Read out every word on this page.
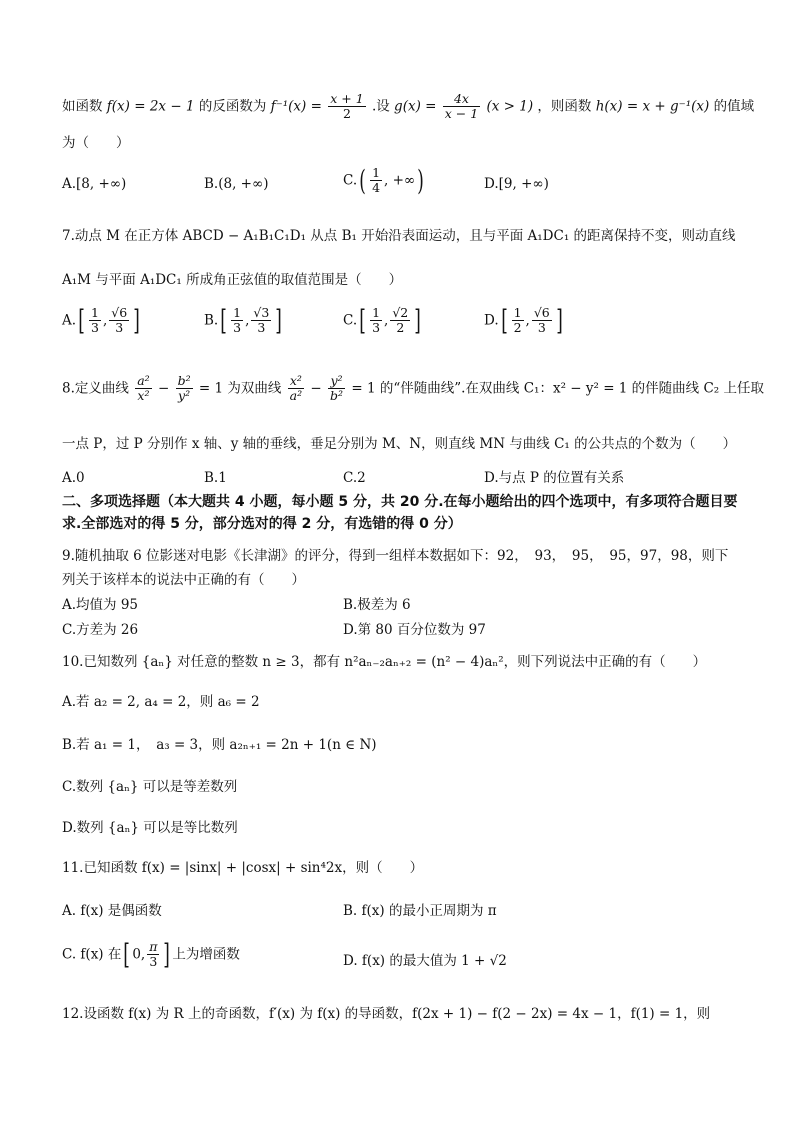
如函数 f(x) = 2x − 1 的反函数为 $f^{-1}(x) = \frac{x + 1}{2}$ .设 $g(x) = \frac{4x}{x - 1} (x > 1)$ ，则函数 h(x) = x + g⁻¹(x) 的值域
为（　　）
A.[8, +∞)	B.(8, +∞)	$C.( \frac{1}{4}$ , +∞)	D.[9, +∞)
7.动点 M 在正方体 ABCD − A₁B₁C₁D₁ 从点 B₁ 开始沿表面运动，且与平面 A₁DC₁ 的距离保持不变，则动直线
A₁M 与平面 A₁DC₁ 所成角正弦值的取值范围是（　　）
$A.[ \frac{1}{3}$ , $\frac{√6}{3}$ ]	$B.[ \frac{1}{3}$ , $\frac{√3}{3}$ ]	$C.[ \frac{1}{3}$ , $\frac{√2}{2}$ ]	$D.[ \frac{1}{2}$ , $\frac{√6}{3}$ ]
8.定义曲线 $\frac{\text{a²}}{\text{x²}} - \frac{\text{b²}}{\text{y²}} = 1$ 为双曲线 $\frac{\text{x²}}{\text{a²}} - \frac{\text{y²}}{\text{b²}} = 1$ 的“伴随曲线”.在双曲线 C₁：x² − y² = 1 的伴随曲线 C₂ 上任取
一点 P，过 P 分别作 x 轴、y 轴的垂线，垂足分别为 M、N，则直线 MN 与曲线 C₁ 的公共点的个数为（　　）
A.0	B.1	C.2	D.与点 P 的位置有关系
二、多项选择题（本大题共 4 小题，每小题 5 分，共 20 分.在每小题给出的四个选项中，有多项符合题目要求.全部选对的得 5 分，部分选对的得 2 分，有选错的得 0 分）
9.随机抽取 6 位影迷对电影《长津湖》的评分，得到一组样本数据如下：92，　93，　95，　95，97，98，则下
列关于该样本的说法中正确的有（　　）
A.均值为 95	B.极差为 6
C.方差为 26	D.第 80 百分位数为 97
10.已知数列 {aₙ} 对任意的整数 n ≥ 3，都有 n²aₙ₋₂aₙ₊₂ = (n² − 4)aₙ²，则下列说法中正确的有（　　）
A.若 a₂ = 2, a₄ = 2，则 a₆ = 2
B.若 a₁ = 1，　a₃ = 3，则 a₂ₙ₊₁ = 2n + 1(n ∈ N)
C.数列 {aₙ} 可以是等差数列
D.数列 {aₙ} 可以是等比数列
11.已知函数 f(x) = |sinx| + |cosx| + sin⁴2x，则（　　）
A. f(x) 是偶函数	B. f(x) 的最小正周期为 π
C. f(x) 在[ 0, $\frac{\pi}{3}$ ] 上为增函数	D. f(x) 的最大值为 1 + √2
12.设函数 f(x) 为 R 上的奇函数，f′(x) 为 f(x) 的导函数，f(2x + 1) − f(2 − 2x) = 4x − 1，f(1) = 1，则
